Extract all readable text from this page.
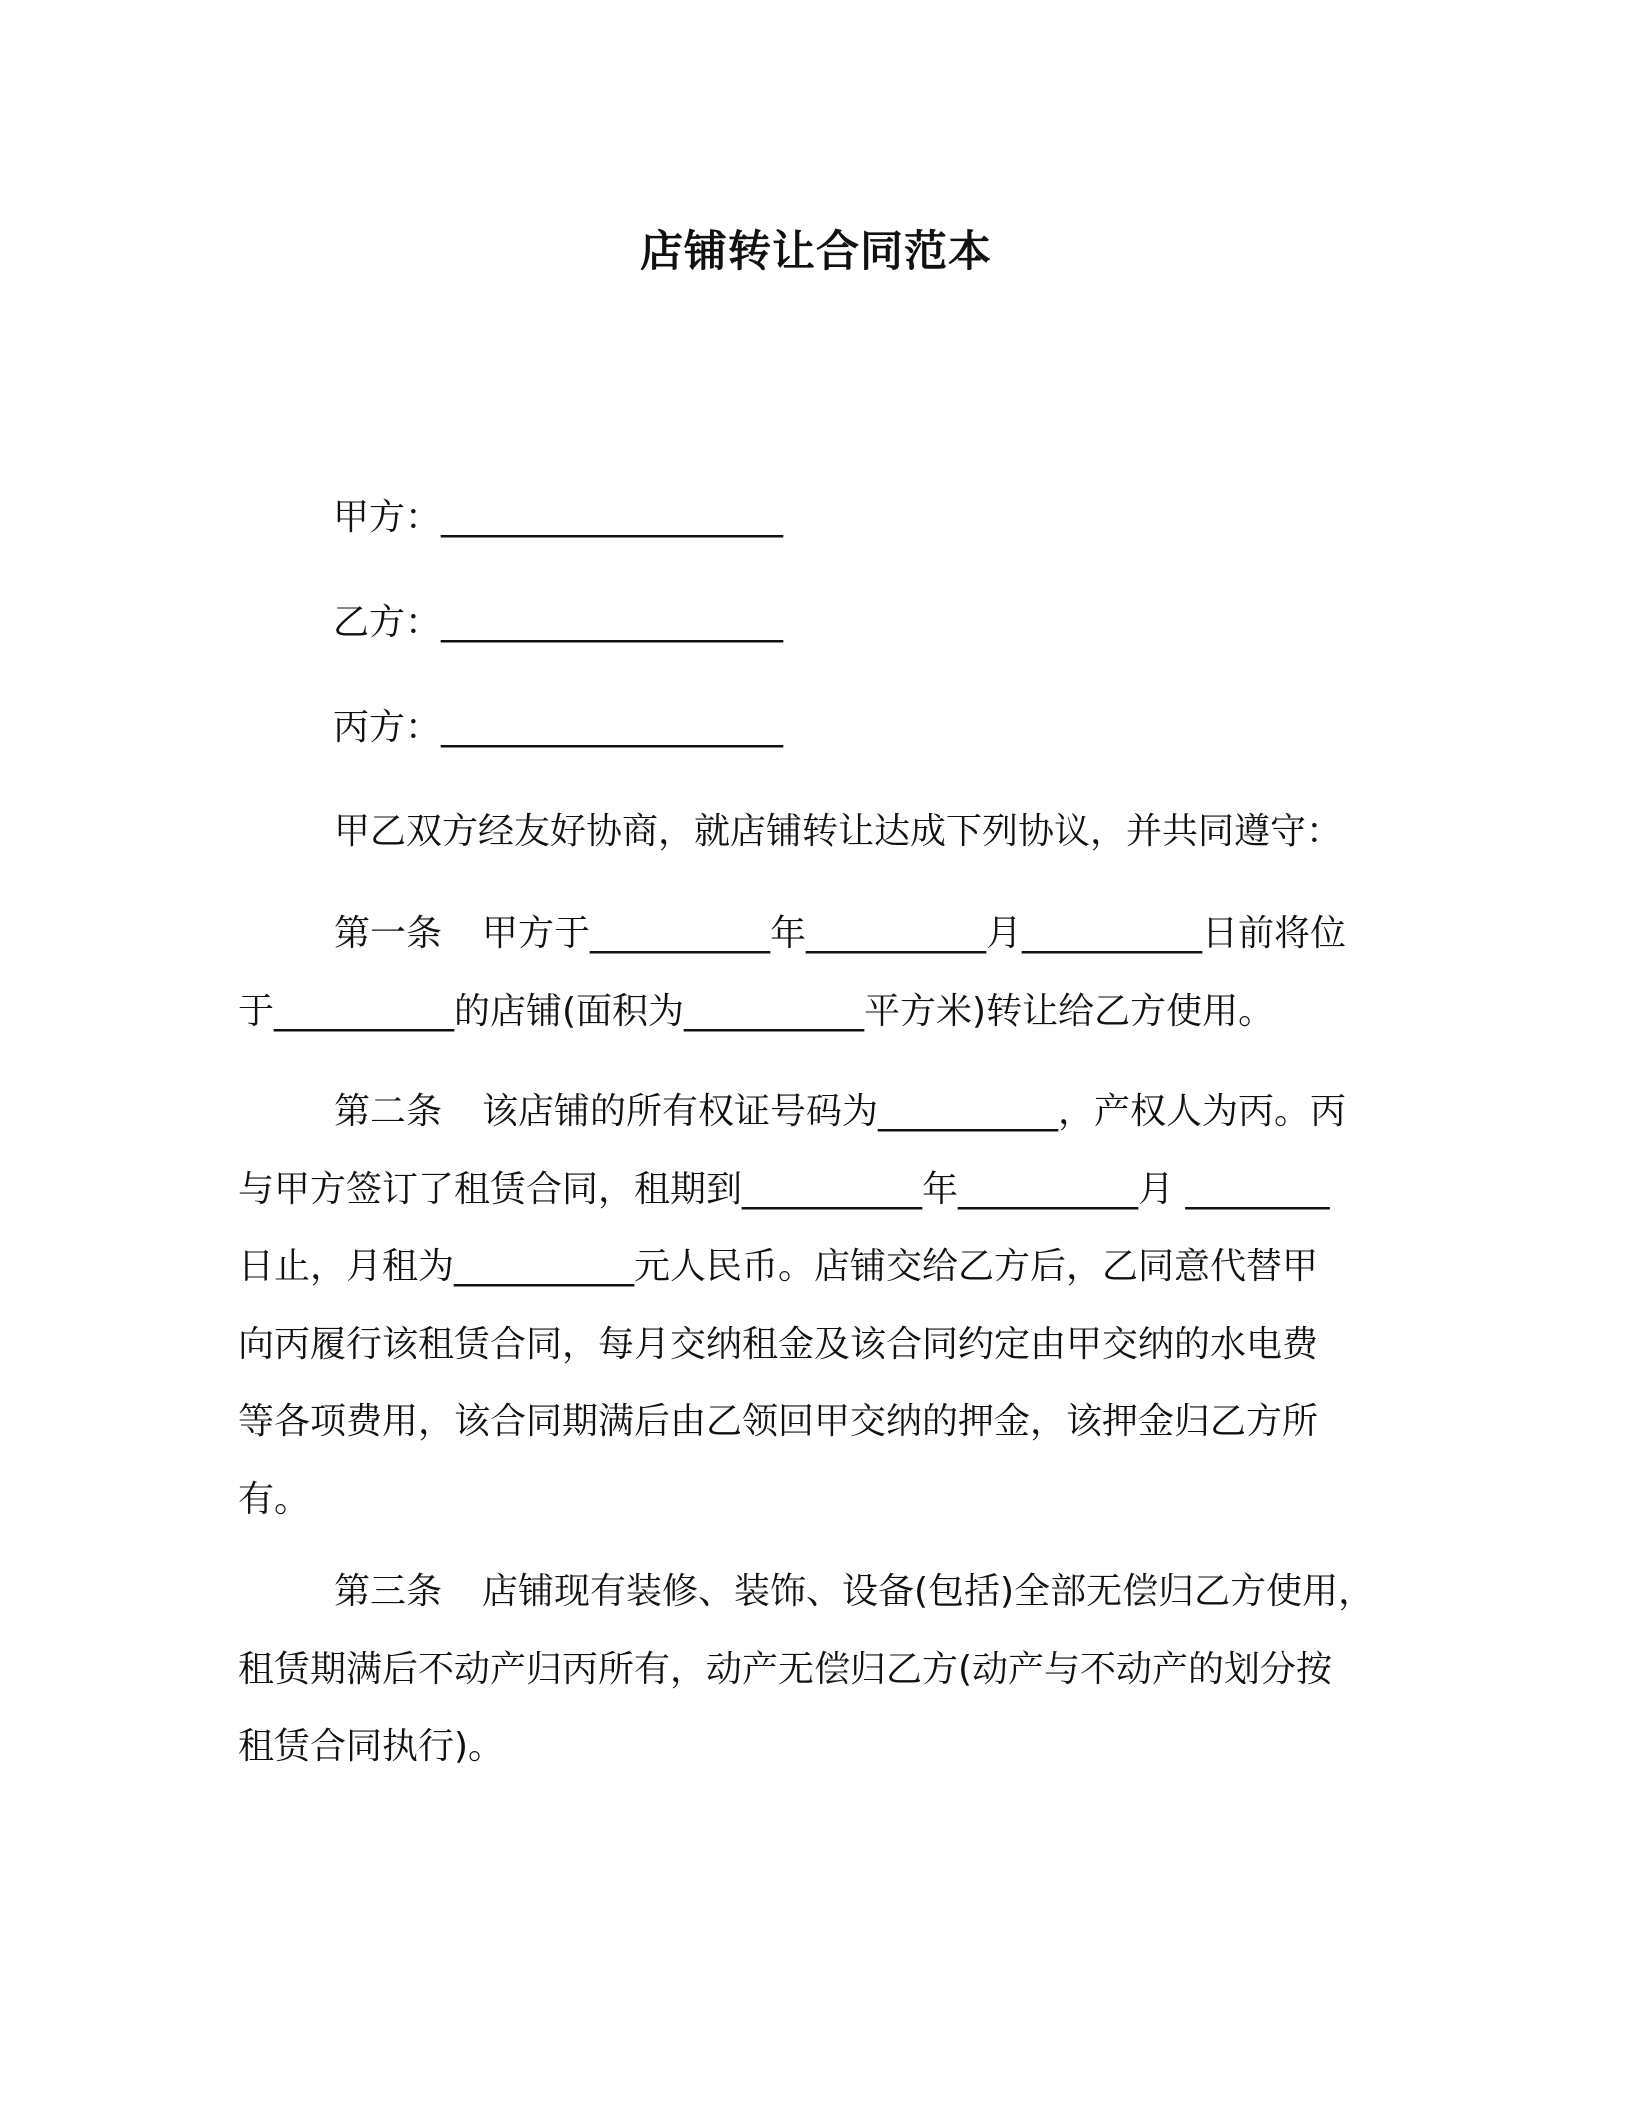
店铺转让合同范本
甲方：___________________
乙方：___________________
丙方：___________________
甲乙双方经友好协商，就店铺转让达成下列协议，并共同遵守：
第一条 甲方于__________年__________月__________日前将位
于__________的店铺(面积为__________平方米)转让给乙方使用。
第二条 该店铺的所有权证号码为__________，产权人为丙。丙
与甲方签订了租赁合同，租期到__________年__________月 ________
日止，月租为__________元人民币。店铺交给乙方后，乙同意代替甲
向丙履行该租赁合同，每月交纳租金及该合同约定由甲交纳的水电费
等各项费用，该合同期满后由乙领回甲交纳的押金，该押金归乙方所
有。
第三条 店铺现有装修、装饰、设备(包括)全部无偿归乙方使用，
租赁期满后不动产归丙所有，动产无偿归乙方(动产与不动产的划分按
租赁合同执行)。
